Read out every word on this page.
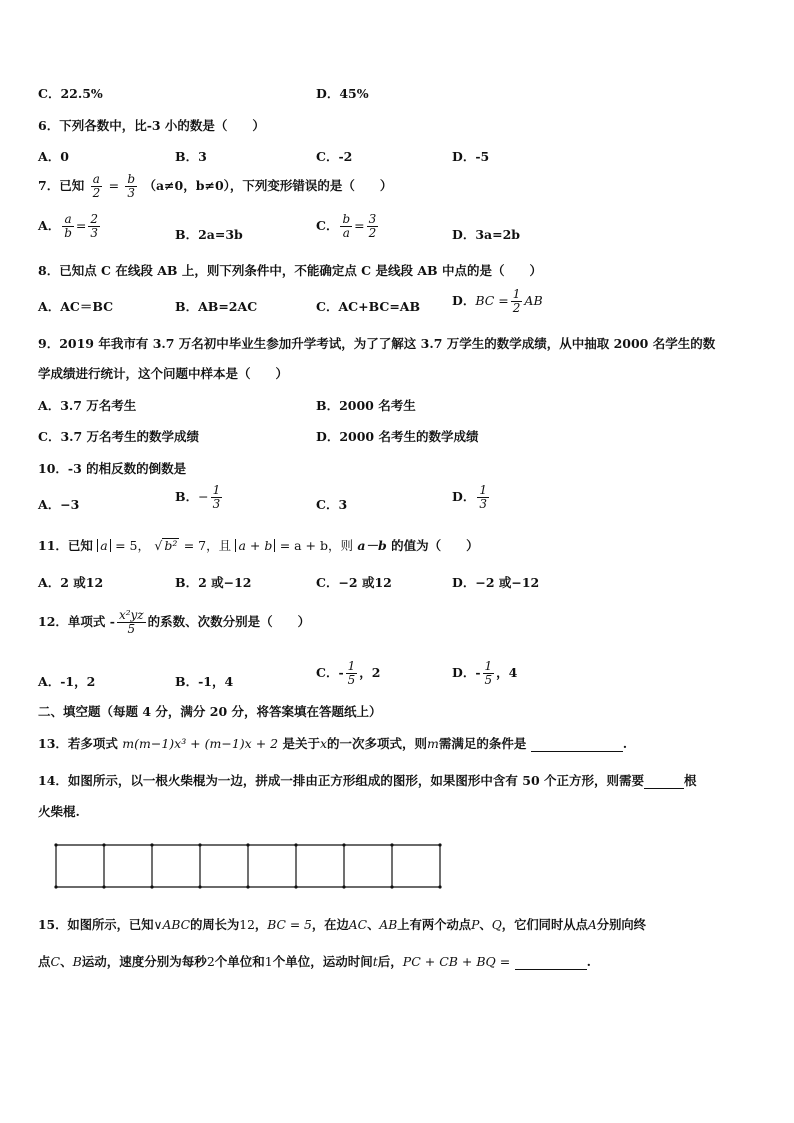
C．22.5%	D．45%
6．下列各数中，比-3 小的数是（　　）
A．0	B．3	C．-2	D．-5
7．已知 $\frac{a}{2} = \frac{b}{3} (a\ne 0$，b≠0），下列变形错误的是（　　）
A． $\frac{a}{b} = \frac{2}{3}$	B．2a=3b
C． $\frac{b}{a} = \frac{3}{2}$	D．3a=2b
8．已知点 C 在线段 AB 上，则下列条件中，不能确定点 C 是线段 AB 中点的是（　　）
A．AC＝BC	B．AB=2AC	C．AC+BC=AB	D．BC = $\frac{1}{2}$ AB
9．2019 年我市有 3.7 万名初中毕业生参加升学考试，为了了解这 3.7 万学生的数学成绩，从中抽取 2000 名学生的数
学成绩进行统计，这个问题中样本是（　　）
A．3.7 万名考生	B．2000 名考生
C．3.7 万名考生的数学成绩	D．2000 名考生的数学成绩
10．-3 的相反数的倒数是
A．−3
B．− $\frac{1}{3}$	C．3
D． $\frac{1}{3}$
11．已知 a = 5， √ b² = 7，且 a + b = a + b，则 a－b 的值为（　　）
A．2 或12	B．2 或−12	C．−2 或12	D．−2 或−12
12．单项式 - $\frac{\text{x²yz}}{5}$ 的系数、次数分别是（　　）
A．-1，2	B．-1，4
C．- $\frac{1}{5}$ ，2	D．- $\frac{1}{5}$ ，4
二、填空题（每题 4 分，满分 20 分，将答案填在答题纸上）
13．若多项式 m(m−1)x³ + (m−1)x + 2 是关于x的一次多项式，则m需满足的条件是	.
14．如图所示，以一根火柴棍为一边，拼成一排由正方形组成的图形，如果图形中含有 50 个正方形，则需要	根
火柴棍.
15．如图所示，已知∨ABC的周长为12，BC = 5，在边AC、AB上有两个动点P、Q，它们同时从点A分别向终
点C、B运动，速度分别为每秒2个单位和1个单位，运动时间t后，PC + CB + BQ =	.
